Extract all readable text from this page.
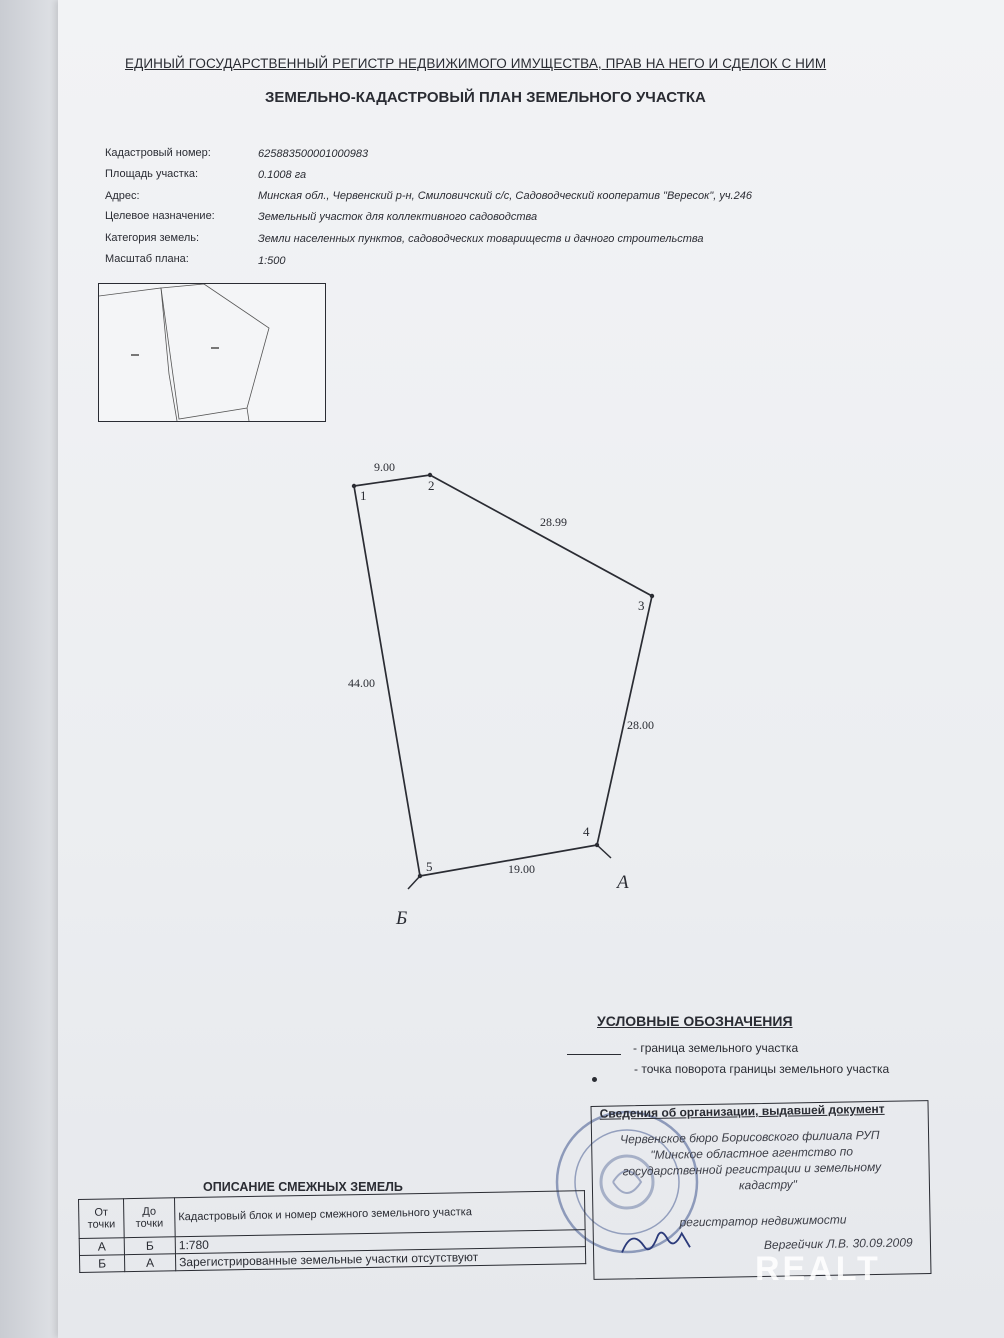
ЕДИНЫЙ ГОСУДАРСТВЕННЫЙ РЕГИСТР НЕДВИЖИМОГО ИМУЩЕСТВА, ПРАВ НА НЕГО И СДЕЛОК С НИМ
ЗЕМЕЛЬНО-КАДАСТРОВЫЙ ПЛАН ЗЕМЕЛЬНОГО УЧАСТКА
Кадастровый номер:	625883500001000983
Площадь участка:	0.1008 га
Адрес:	Минская обл., Червенский р-н, Смиловичский с/с, Садоводческий кооператив "Вересок", уч.246
Целевое назначение:	Земельный участок для коллективного садоводства
Категория земель:	Земли населенных пунктов, садоводческих товариществ и дачного строительства
Масштаб плана:	1:500
1
2
3
4
5
9.00
28.99
28.00
19.00
44.00
А
Б
УСЛОВНЫЕ ОБОЗНАЧЕНИЯ
- граница земельного участка
- точка поворота границы земельного участка
Сведения об организации, выдавшей документ
Червенское бюро Борисовского филиала РУП
"Минское областное агентство по
государственной регистрации и земельному
кадастру"
регистратор недвижимости
Вергейчик Л.В. 30.09.2009
ОПИСАНИЕ СМЕЖНЫХ ЗЕМЕЛЬ
От точки	До точки	Кадастровый блок и номер смежного земельного участка
А	Б	1:780
Б	А	Зарегистрированные земельные участки отсутствуют	REALT
